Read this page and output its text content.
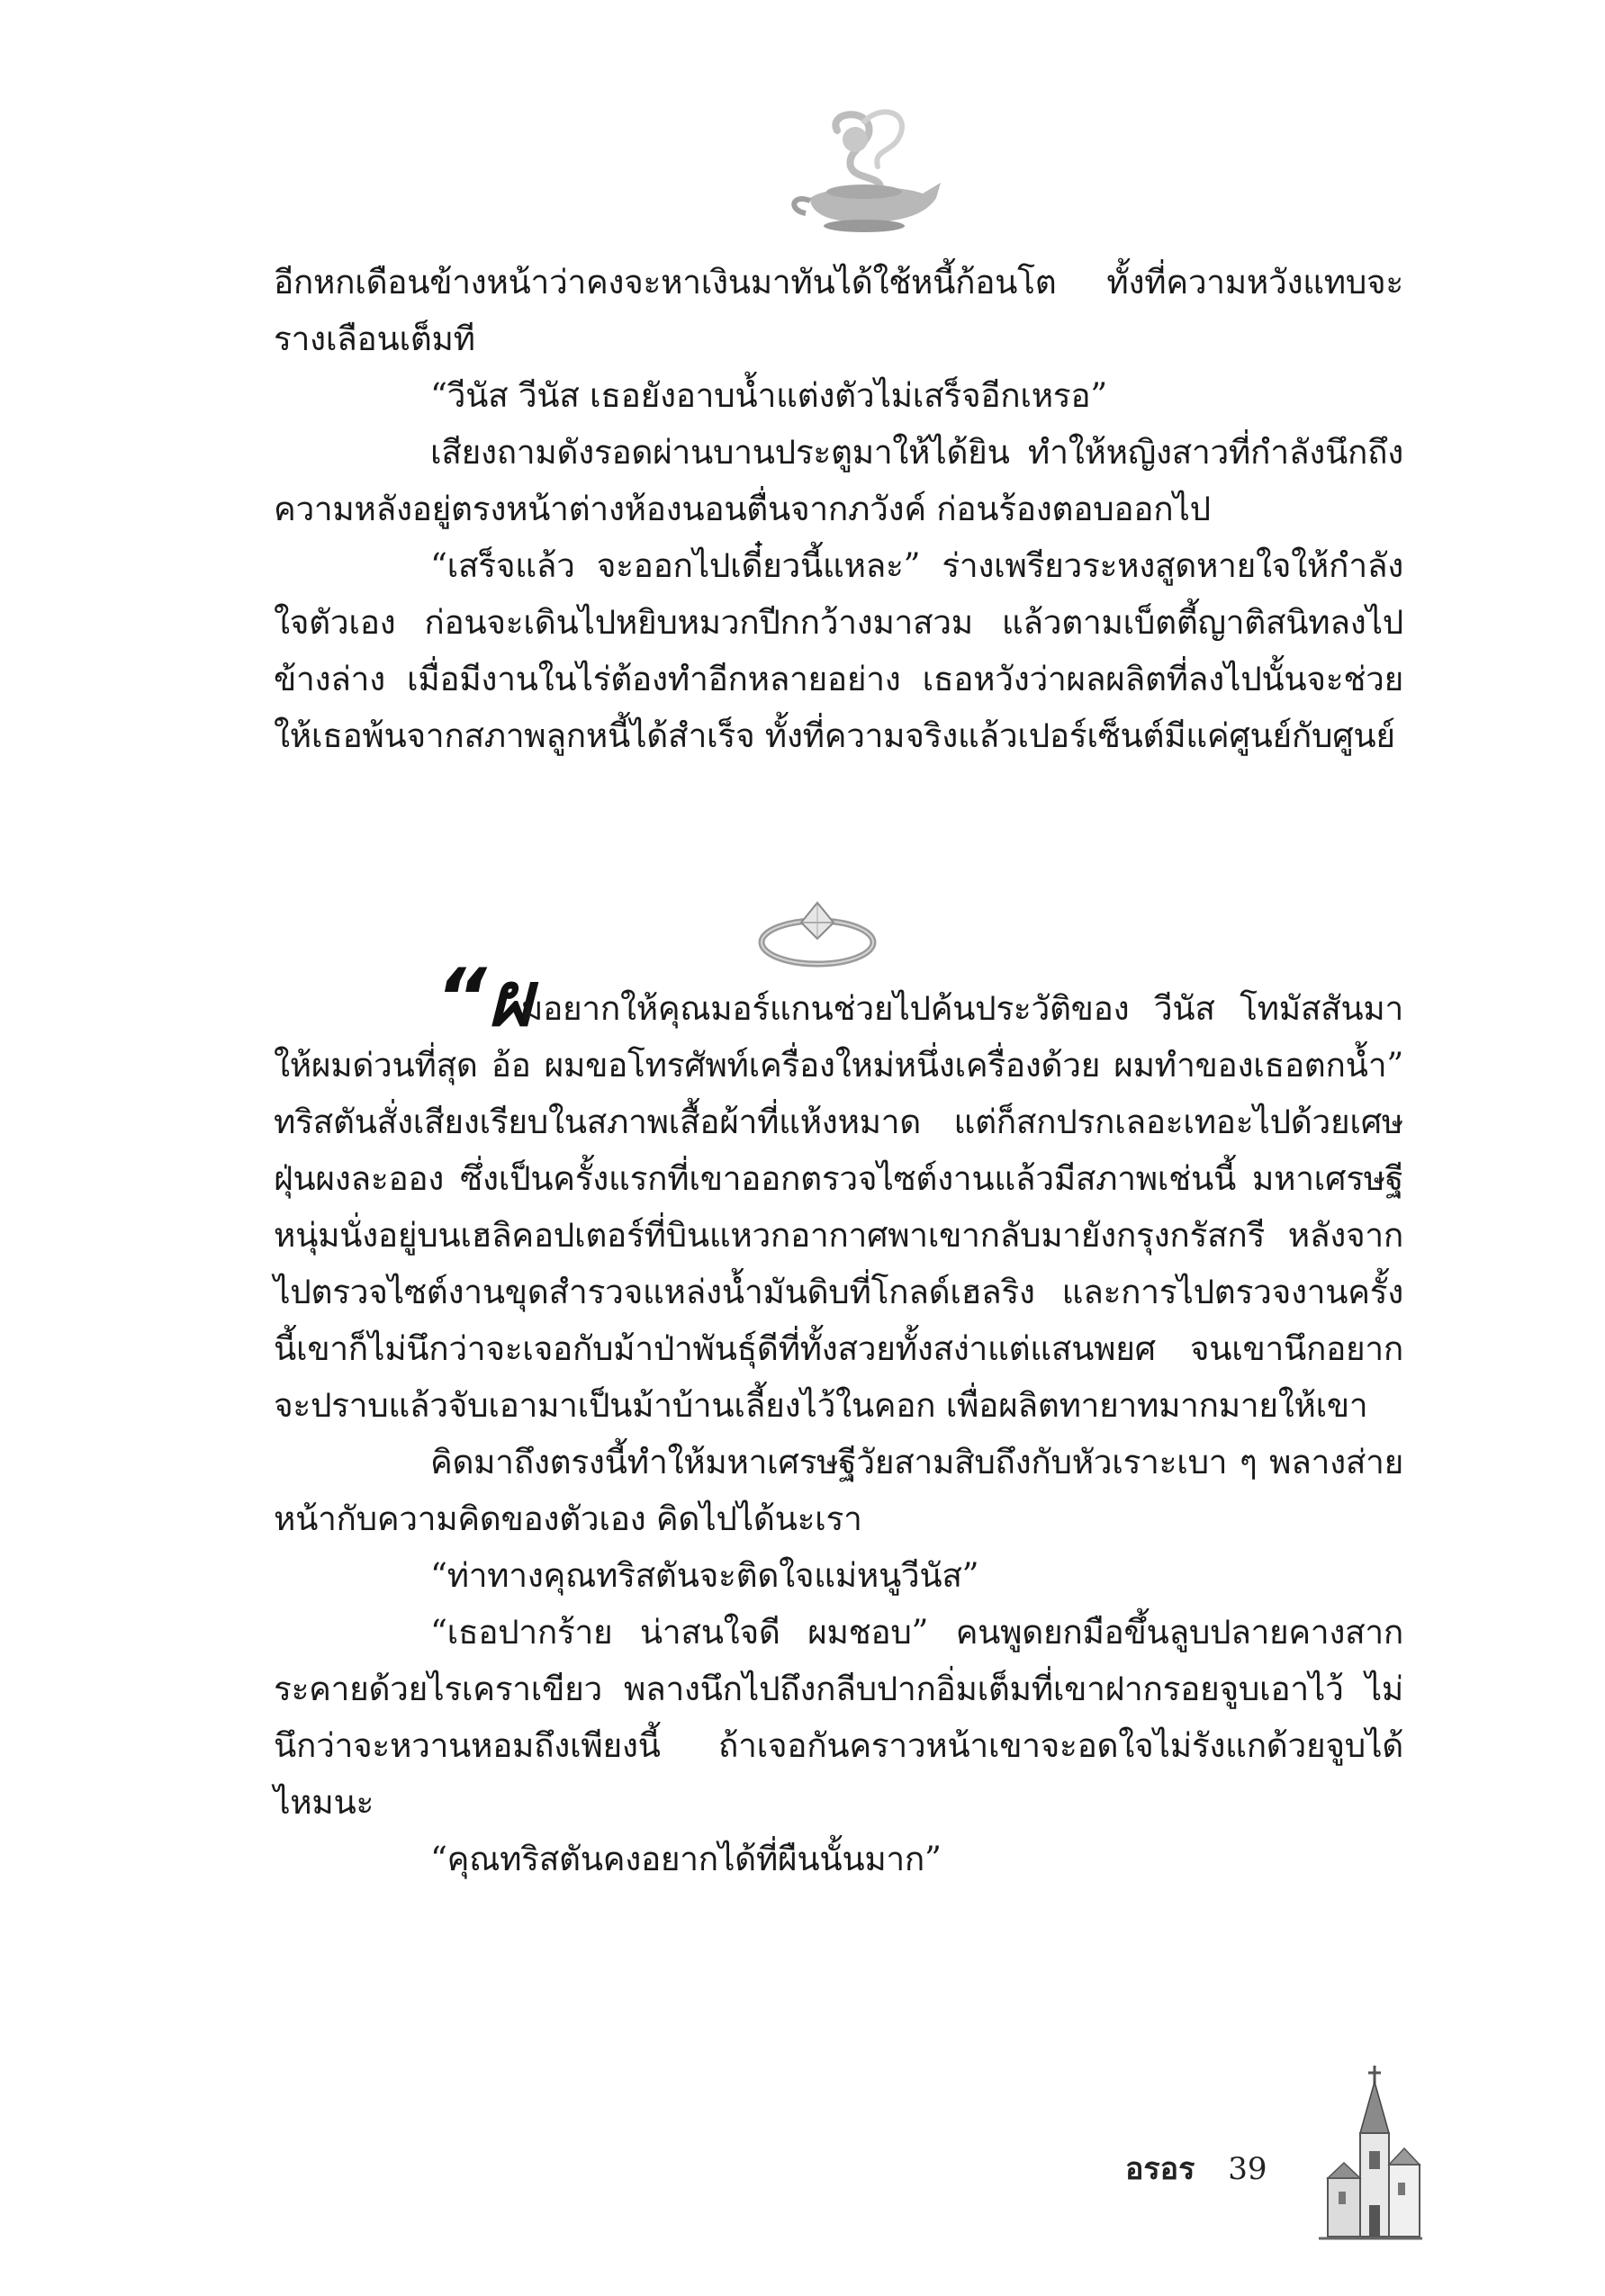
อีกหกเดือนข้างหน้าว่าคงจะหาเงินมาทันได้ใช้หนี้ก้อนโต ทั้งที่ความหวังแทบจะรางเลือนเต็มที

“วีนัส วีนัส เธอยังอาบน้ำแต่งตัวไม่เสร็จอีกเหรอ”

เสียงถามดังรอดผ่านบานประตูมาให้ได้ยิน ทำให้หญิงสาวที่กำลังนึกถึงความหลังอยู่ตรงหน้าต่างห้องนอนตื่นจากภวังค์ ก่อนร้องตอบออกไป

“เสร็จแล้ว จะออกไปเดี๋ยวนี้แหละ” ร่างเพรียวระหงสูดหายใจให้กำลังใจตัวเอง ก่อนจะเดินไปหยิบหมวกปีกกว้างมาสวม แล้วตามเบ็ตตี้ญาติสนิทลงไปข้างล่าง เมื่อมีงานในไร่ต้องทำอีกหลายอย่าง เธอหวังว่าผลผลิตที่ลงไปนั้นจะช่วยให้เธอพ้นจากสภาพลูกหนี้ได้สำเร็จ ทั้งที่ความจริงแล้วเปอร์เซ็นต์มีแค่ศูนย์กับศูนย์

“ผ

มอยากให้คุณมอร์แกนช่วยไปค้นประวัติของ วีนัส โทมัสสันมาให้ผมด่วนที่สุด อ้อ ผมขอโทรศัพท์เครื่องใหม่หนึ่งเครื่องด้วย ผมทำของเธอตกน้ำ” ทริสตันสั่งเสียงเรียบในสภาพเสื้อผ้าที่แห้งหมาด แต่ก็สกปรกเลอะเทอะไปด้วยเศษฝุ่นผงละออง ซึ่งเป็นครั้งแรกที่เขาออกตรวจไซต์งานแล้วมีสภาพเช่นนี้ มหาเศรษฐีหนุ่มนั่งอยู่บนเฮลิคอปเตอร์ที่บินแหวกอากาศพาเขากลับมายังกรุงกรัสกรี หลังจากไปตรวจไซต์งานขุดสำรวจแหล่งน้ำมันดิบที่โกลด์เฮลริง และการไปตรวจงานครั้งนี้เขาก็ไม่นึกว่าจะเจอกับม้าป่าพันธุ์ดีที่ทั้งสวยทั้งสง่าแต่แสนพยศ จนเขานึกอยากจะปราบแล้วจับเอามาเป็นม้าบ้านเลี้ยงไว้ในคอก เพื่อผลิตทายาทมากมายให้เขา

คิดมาถึงตรงนี้ทำให้มหาเศรษฐีวัยสามสิบถึงกับหัวเราะเบา ๆ พลางส่ายหน้ากับความคิดของตัวเอง คิดไปได้นะเรา

“ท่าทางคุณทริสตันจะติดใจแม่หนูวีนัส”

“เธอปากร้าย น่าสนใจดี ผมชอบ” คนพูดยกมือขึ้นลูบปลายคางสากระคายด้วยไรเคราเขียว พลางนึกไปถึงกลีบปากอิ่มเต็มที่เขาฝากรอยจูบเอาไว้ ไม่นึกว่าจะหวานหอมถึงเพียงนี้ ถ้าเจอกันคราวหน้าเขาจะอดใจไม่รังแกด้วยจูบได้ไหมนะ

“คุณทริสตันคงอยากได้ที่ผืนนั้นมาก”

อรอร 39
